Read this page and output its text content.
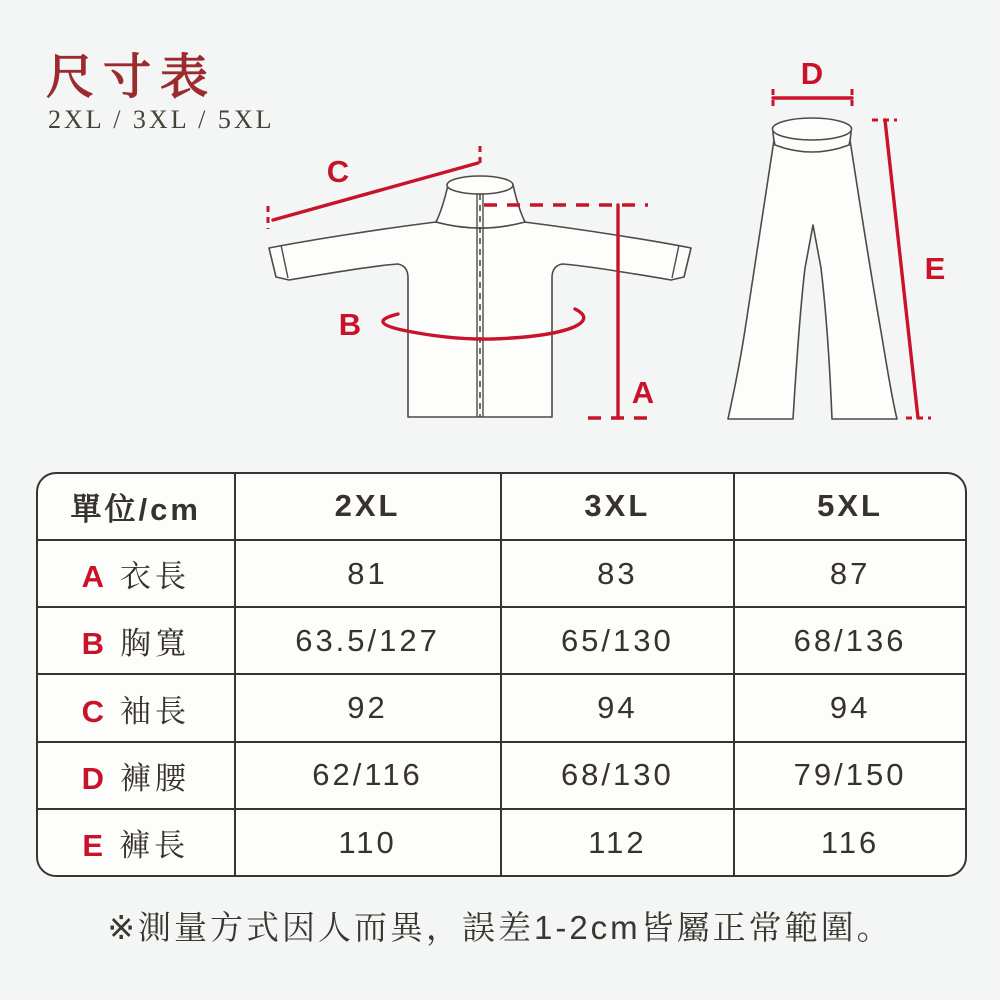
尺寸表
2XL / 3XL / 5XL
C
A
B
D
E
單位/cm	2XL	3XL	5XL
A 衣長	81	83	87
B 胸寬	63.5/127	65/130	68/136
C 袖長	92	94	94
D 褲腰	62/116	68/130	79/150
E 褲長	110	112	116
※測量方式因人而異，誤差1-2cm皆屬正常範圍。
